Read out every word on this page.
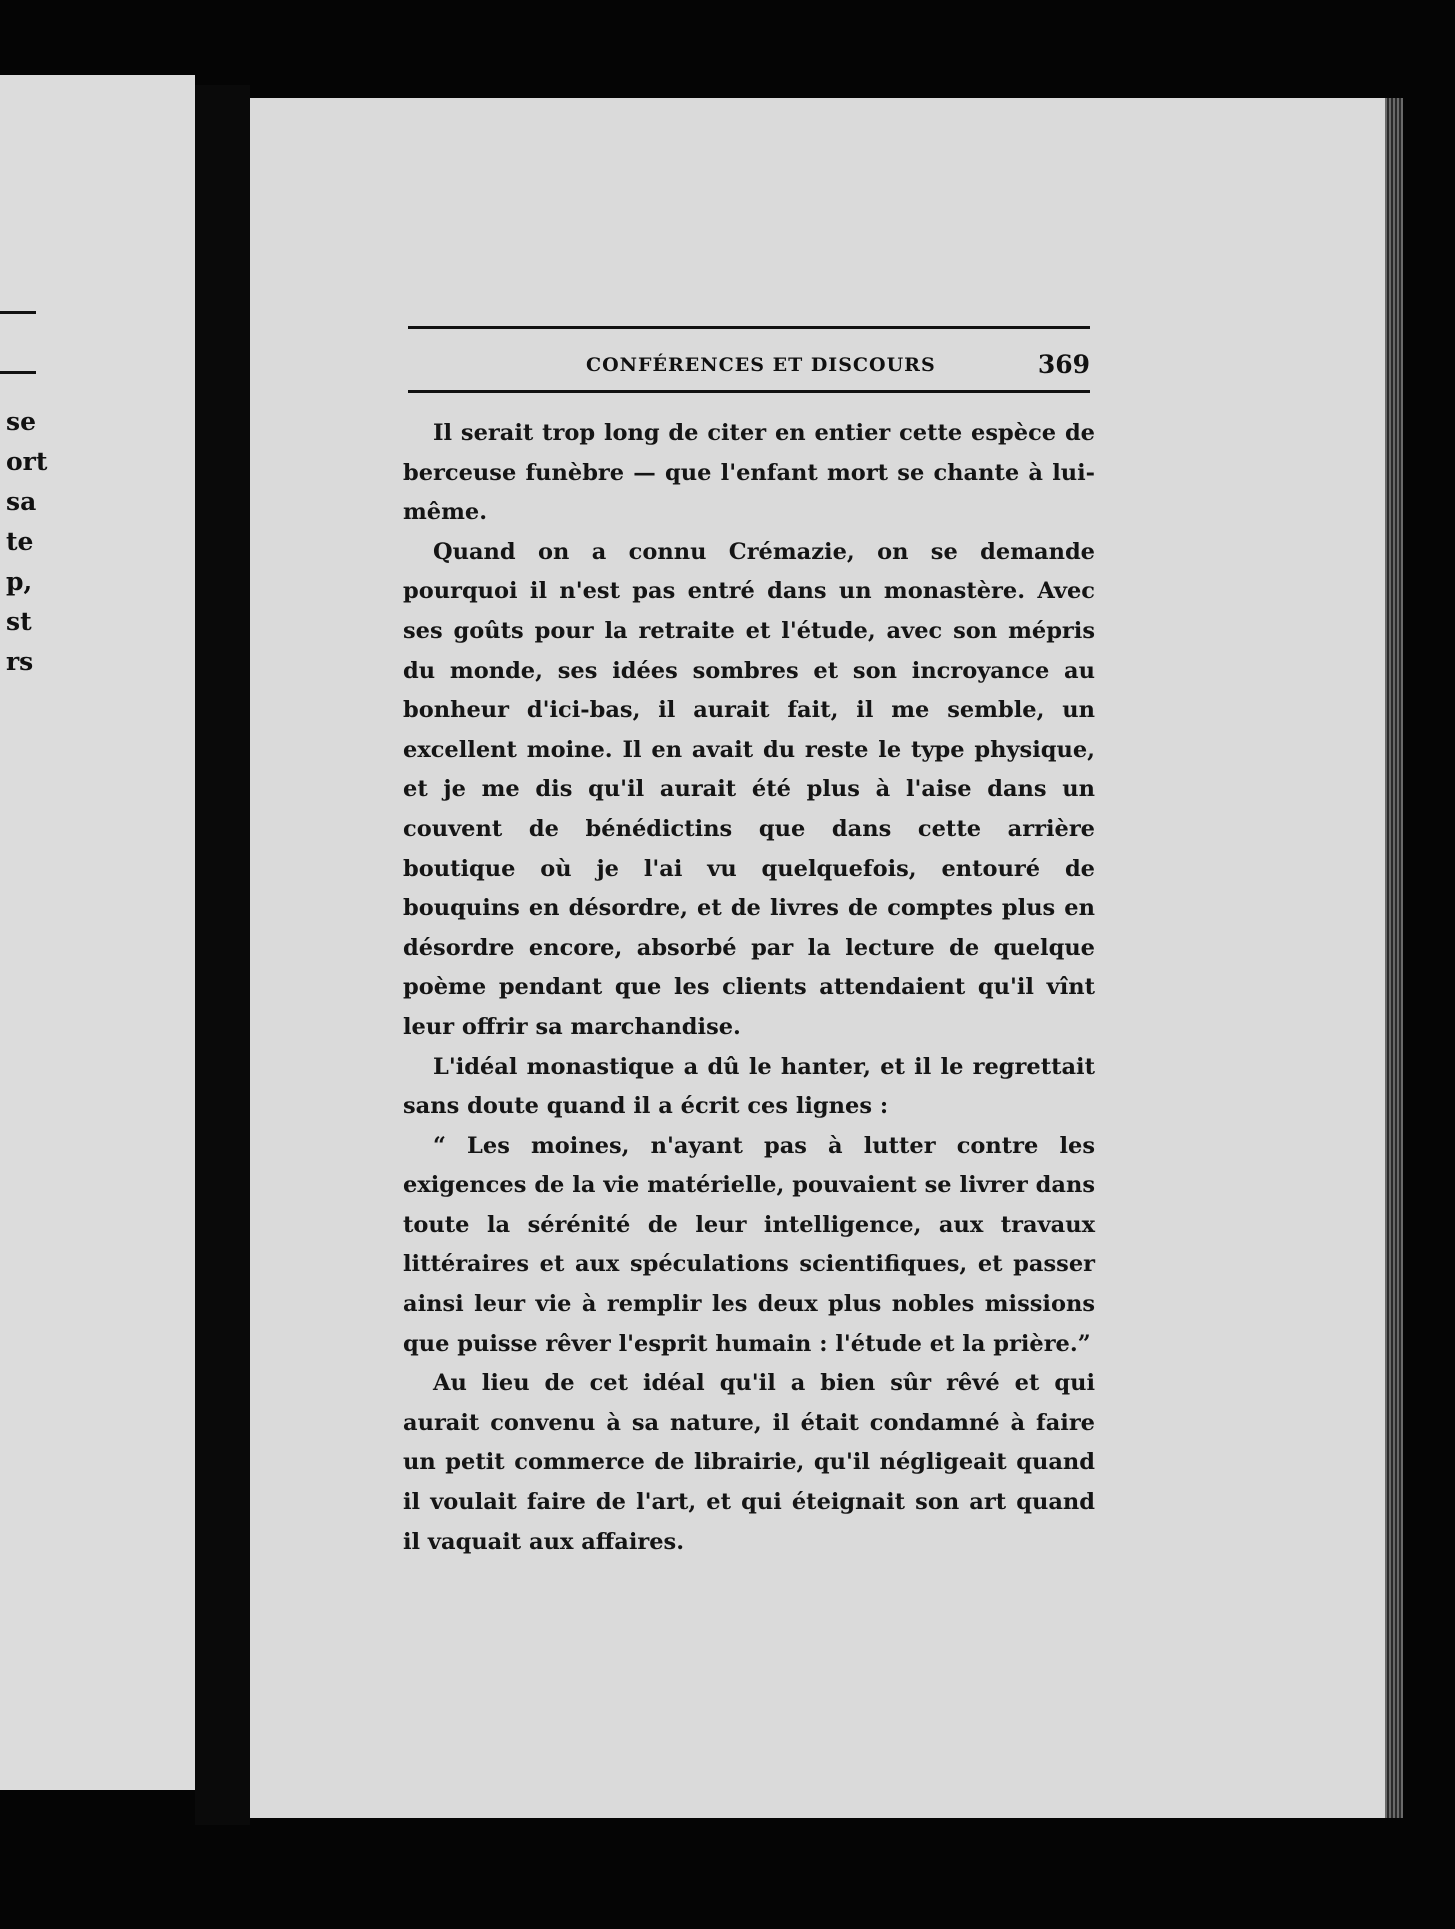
se
ort
sa
te
p,
st
rs
CONFÉRENCES ET DISCOURS	369

Il serait trop long de citer en entier cette espèce de berceuse funèbre — que l'enfant mort se chante à lui-même.

Quand on a connu Crémazie, on se demande pourquoi il n'est pas entré dans un monastère. Avec ses goûts pour la retraite et l'étude, avec son mépris du monde, ses idées sombres et son incroyance au bonheur d'ici-bas, il aurait fait, il me semble, un excellent moine. Il en avait du reste le type physique, et je me dis qu'il aurait été plus à l'aise dans un couvent de bénédictins que dans cette arrière boutique où je l'ai vu quelquefois, entouré de bouquins en désordre, et de livres de comptes plus en désordre encore, absorbé par la lecture de quelque poème pendant que les clients attendaient qu'il vînt leur offrir sa marchandise.

L'idéal monastique a dû le hanter, et il le regrettait sans doute quand il a écrit ces lignes :

“ Les moines, n'ayant pas à lutter contre les exigences de la vie matérielle, pouvaient se livrer dans toute la sérénité de leur intelligence, aux travaux littéraires et aux spéculations scientifiques, et passer ainsi leur vie à remplir les deux plus nobles missions que puisse rêver l'esprit humain : l'étude et la prière.”

Au lieu de cet idéal qu'il a bien sûr rêvé et qui aurait convenu à sa nature, il était condamné à faire un petit commerce de librairie, qu'il négligeait quand il voulait faire de l'art, et qui éteignait son art quand il vaquait aux affaires.
